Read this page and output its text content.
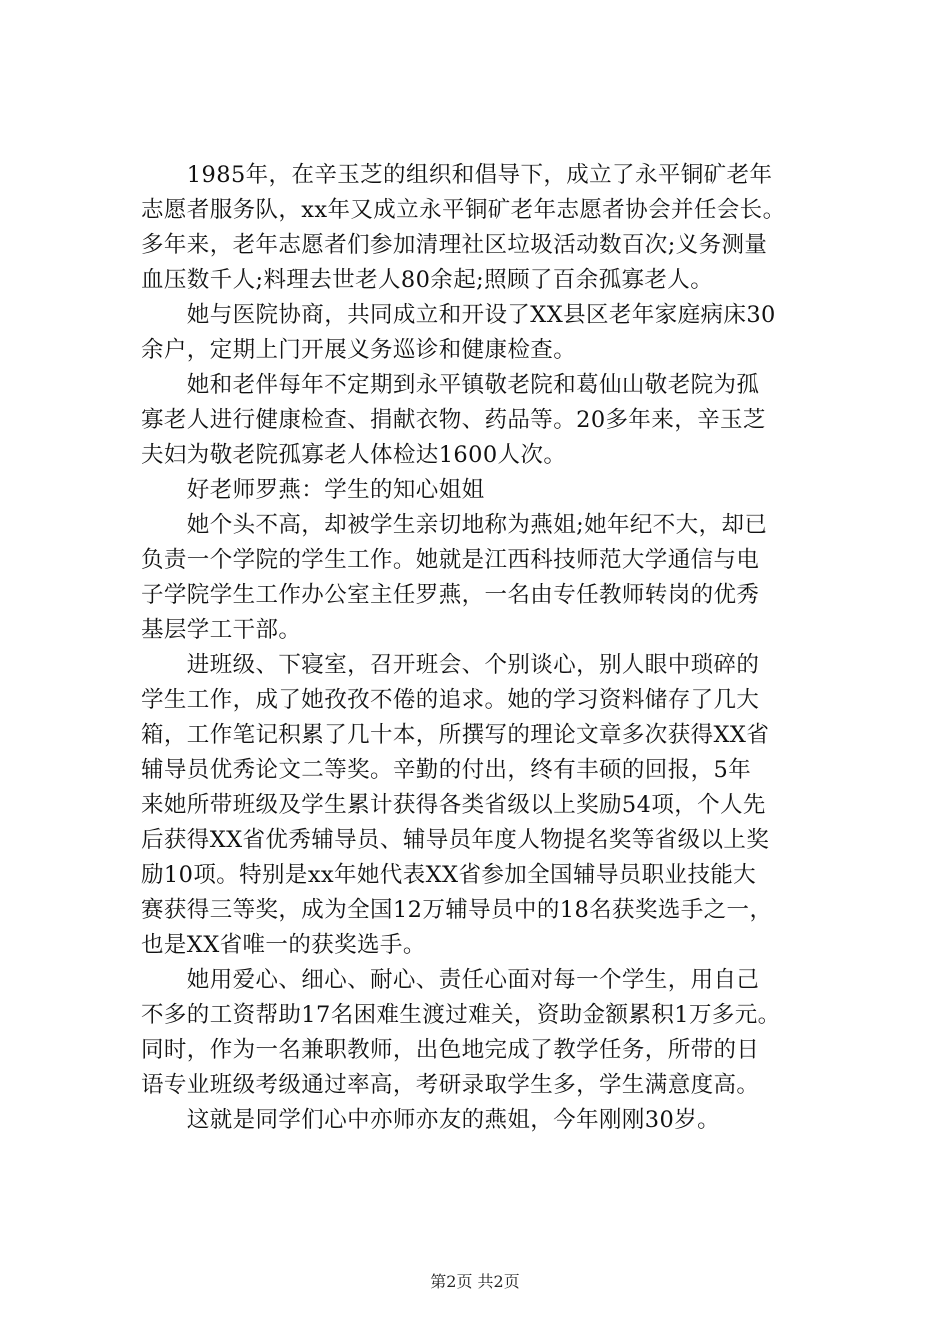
　　1985年，在辛玉芝的组织和倡导下，成立了永平铜矿老年
志愿者服务队，xx年又成立永平铜矿老年志愿者协会并任会长。
多年来，老年志愿者们参加清理社区垃圾活动数百次;义务测量
血压数千人;料理去世老人80余起;照顾了百余孤寡老人。
　　她与医院协商，共同成立和开设了XX县区老年家庭病床30
余户，定期上门开展义务巡诊和健康检查。
　　她和老伴每年不定期到永平镇敬老院和葛仙山敬老院为孤
寡老人进行健康检查、捐献衣物、药品等。20多年来，辛玉芝
夫妇为敬老院孤寡老人体检达1600人次。
　　好老师罗燕：学生的知心姐姐
　　她个头不高，却被学生亲切地称为燕姐;她年纪不大，却已
负责一个学院的学生工作。她就是江西科技师范大学通信与电
子学院学生工作办公室主任罗燕，一名由专任教师转岗的优秀
基层学工干部。
　　进班级、下寝室，召开班会、个别谈心，别人眼中琐碎的
学生工作，成了她孜孜不倦的追求。她的学习资料储存了几大
箱，工作笔记积累了几十本，所撰写的理论文章多次获得XX省
辅导员优秀论文二等奖。辛勤的付出，终有丰硕的回报，5年
来她所带班级及学生累计获得各类省级以上奖励54项，个人先
后获得XX省优秀辅导员、辅导员年度人物提名奖等省级以上奖
励10项。特别是xx年她代表XX省参加全国辅导员职业技能大
赛获得三等奖，成为全国12万辅导员中的18名获奖选手之一，
也是XX省唯一的获奖选手。
　　她用爱心、细心、耐心、责任心面对每一个学生，用自己
不多的工资帮助17名困难生渡过难关，资助金额累积1万多元。
同时，作为一名兼职教师，出色地完成了教学任务，所带的日
语专业班级考级通过率高，考研录取学生多，学生满意度高。
　　这就是同学们心中亦师亦友的燕姐，今年刚刚30岁。
第2页 共2页
